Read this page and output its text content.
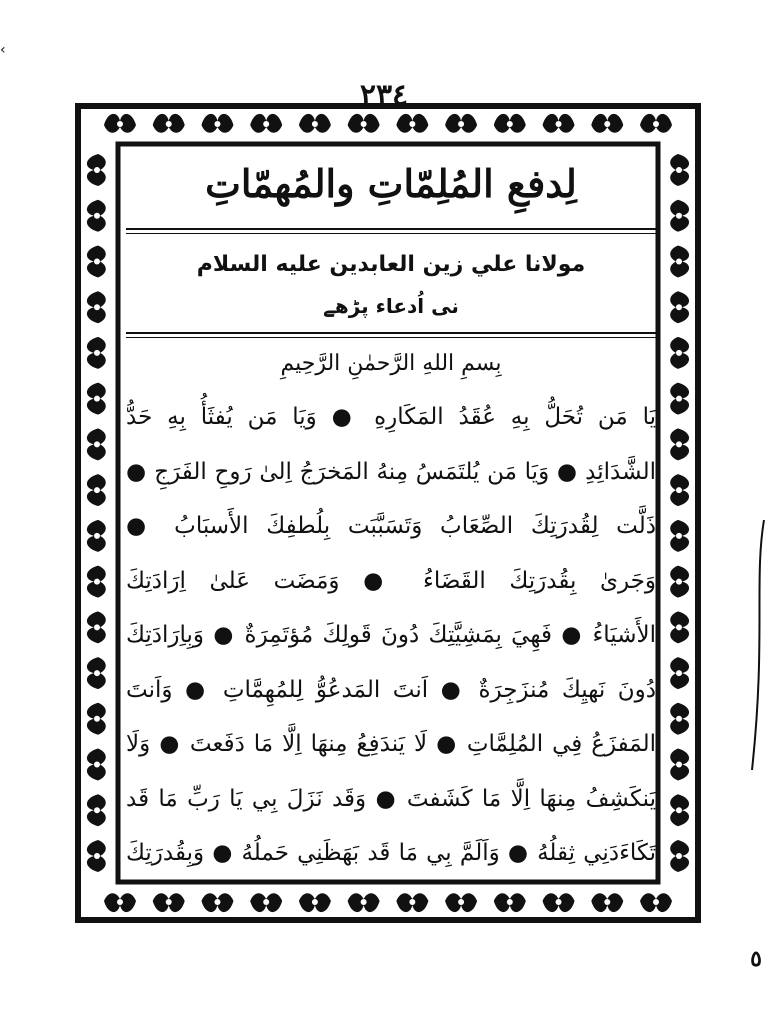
‹
٢٣٤
لِدفعِ المُلِمّاتِ والمُهمّاتِ
مولانا علي زين العابدين عليه السلام
نى اُدعاء پڑھے
بِسمِ اللهِ الرَّحمٰنِ الرَّحِيمِ
يَا مَن تُحَلُّ بِهِ عُقَدُ المَكَارِهِ ● وَيَا مَن يُفثَأُ بِهِ حَدُّ
الشَّدَائِدِ ● وَيَا مَن يُلتَمَسُ مِنهُ المَخرَجُ اِلىٰ رَوحِ الفَرَجِ ●
ذَلَّت لِقُدرَتِكَ الصِّعَابُ وَتَسَبَّبَت بِلُطفِكَ الأَسبَابُ ●
وَجَرىٰ بِقُدرَتِكَ القَضَاءُ ● وَمَضَت عَلىٰ اِرَادَتِكَ
الأَشيَاءُ ● فَهِيَ بِمَشِيَّتِكَ دُونَ قَولِكَ مُؤتَمِرَةٌ ● وَبِاِرَادَتِكَ
دُونَ نَهيِكَ مُنزَجِرَةٌ ● اَنتَ المَدعُوُّ لِلمُهِمَّاتِ ● وَاَنتَ
المَفزَعُ فِي المُلِمَّاتِ ● لَا يَندَفِعُ مِنهَا اِلَّا مَا دَفَعتَ ● وَلَا
يَنكَشِفُ مِنهَا اِلَّا مَا كَشَفتَ ● وَقَد نَزَلَ بِي يَا رَبِّ مَا قَد
تَكَاءَدَنِي ثِقلُهُ ● وَاَلَمَّ بِي مَا قَد بَهَظَنِي حَملُهُ ● وَبِقُدرَتِكَ
٥
